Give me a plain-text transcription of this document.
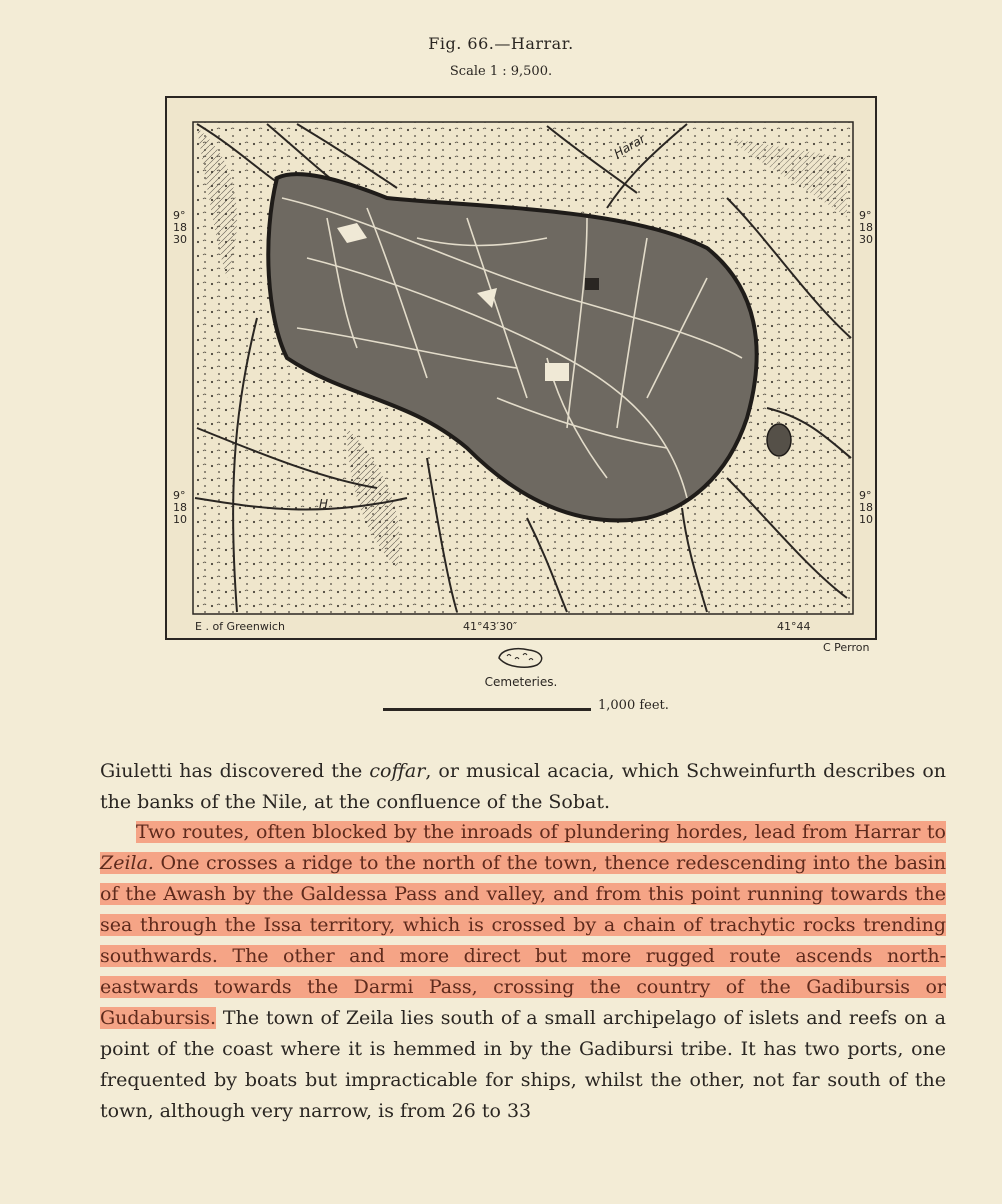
Fig. 66.—Harrar.
Scale 1 : 9,500.
Harar
H
9°
18
30
9°
18
10
9°
18
30
9°
18
10
E . of Greenwich	41°43′30″	41°44
C Perron
Cemeteries.
1,000 feet.

Giuletti has discovered the coffar, or musical acacia, which Schweinfurth describes on the banks of the Nile, at the confluence of the Sobat.

Two routes, often blocked by the inroads of plundering hordes, lead from Harrar to Zeila. One crosses a ridge to the north of the town, thence redescending into the basin of the Awash by the Galdessa Pass and valley, and from this point running towards the sea through the Issa territory, which is crossed by a chain of trachytic rocks trending southwards. The other and more direct but more rugged route ascends north-eastwards towards the Darmi Pass, crossing the country of the Gadibursis or Gudabursis. The town of Zeila lies south of a small archipelago of islets and reefs on a point of the coast where it is hemmed in by the Gadibursi tribe. It has two ports, one frequented by boats but impracticable for ships, whilst the other, not far south of the town, although very narrow, is from 26 to 33
